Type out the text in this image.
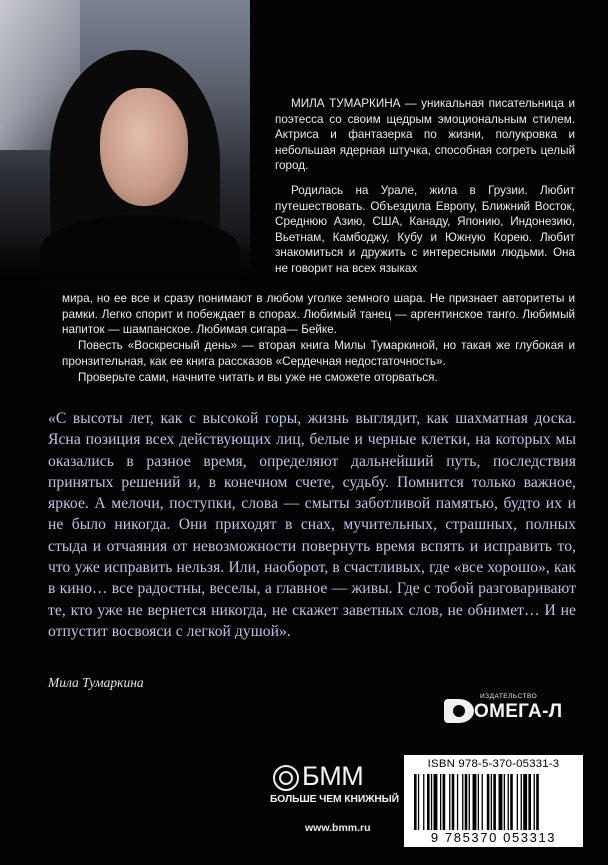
МИЛА ТУМАРКИНА — уникальная писательница и поэтесса со своим щедрым эмоциональным стилем. Актриса и фантазерка по жизни, полукровка и небольшая ядерная штучка, способная согреть целый город.

Родилась на Урале, жила в Грузии. Любит путешествовать. Объездила Европу, Ближний Восток, Среднюю Азию, США, Канаду, Японию, Индонезию, Вьетнам, Камбоджу, Кубу и Южную Корею. Любит знакомиться и дружить с интересными людьми. Она не говорит на всех языках

мира, но ее все и сразу понимают в любом уголке земного шара. Не признает авторитеты и рамки. Легко спорит и побеждает в спорах. Любимый танец — аргентинское танго. Любимый напиток — шампанское. Любимая сигара— Бейке.

Повесть «Воскресный день» — вторая книга Милы Тумаркиной, но такая же глубокая и пронзительная, как ее книга рассказов «Сердечная недостаточность».

Проверьте сами, начните читать и вы уже не сможете оторваться.

«С высоты лет, как с высокой горы, жизнь выглядит, как шахматная доска. Ясна позиция всех действующих лиц, белые и черные клетки, на которых мы оказались в разное время, определяют дальнейший путь, последствия принятых решений и, в конечном счете, судьбу. Помнится только важное, яркое. А мелочи, поступки, слова — смыты заботливой памятью, будто их и не было никогда. Они приходят в снах, мучительных, страшных, полных стыда и отчаяния от невозможности повернуть время вспять и исправить то, что уже исправить нельзя. Или, наоборот, в счастливых, где «все хорошо», как в кино… все радостны, веселы, а главное — живы. Где с тобой разговаривают те, кто уже не вернется никогда, не скажет заветных слов, не обнимет… И не отпустит восвояси с легкой душой».

Мила Тумаркина

ИЗДАТЕЛЬСТВО
ОМЕГА-Л
БММ
БОЛЬШЕ ЧЕМ КНИЖНЫЙ
www.bmm.ru
ISBN 978-5-370-05331-3
9 785370 053313
